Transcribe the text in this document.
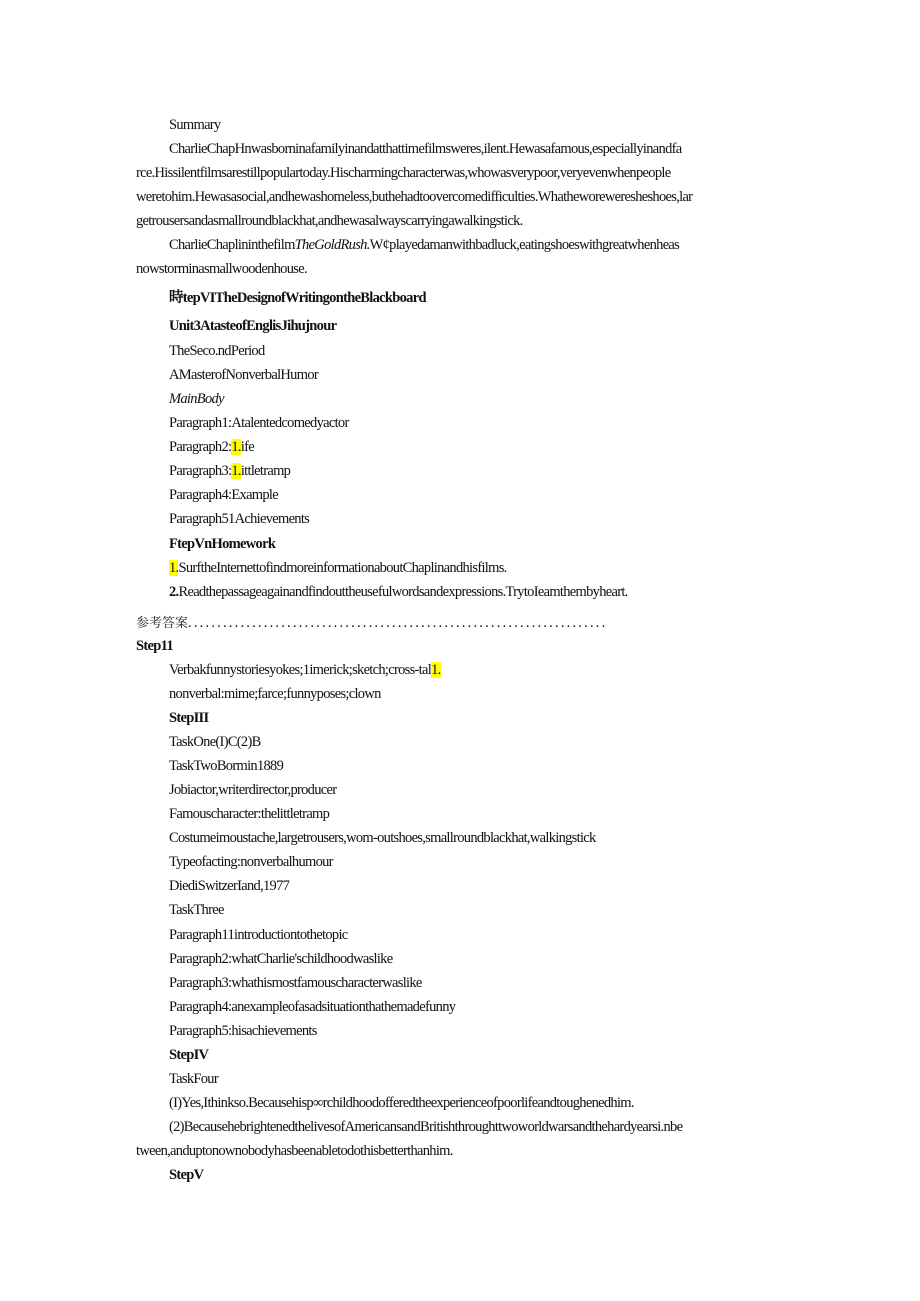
Summary
CharlieChapHnwasborninafamilyinandatthattimefilmsweres,ilent.Hewasafamous,especiallyinandfa
rce.Hissilentfilmsarestillpopulartoday.Hischarmingcharacterwas,whowasverypoor,veryevenwhenpeople
weretohim.Hewasasocial,andhewashomeless,buthehadtoovercomedifficulties.Whatheworeweresheshoes,lar
getrousersandasmallroundblackhat,andhewasalwayscarryingawalkingstick.
CharlieChaplininthefilmTheGoldRush.W¢playedamanwithbadluck,eatingshoeswithgreatwhenheas
nowstorminasmallwoodenhouse.
時tepVITheDesignofWritingontheBlackboard
Unit3AtasteofEnglisJihujnour
TheSeco.ndPeriod
AMasterofNonverbalHumor
MainBody
Paragraph1:Atalentedcomedyactor
Paragraph2:1.ife
Paragraph3:1.ittletramp
Paragraph4:Example
Paragraph51Achievements
FtepVnHomework
1.SurftheInternettofindmoreinformationaboutChaplinandhisfilms.
2.Readthepassageagainandfindouttheusefulwordsandexpressions.TrytoIeamthembyheart.
参考答案........................................................................
Step11
Verbakfunnystoriesyokes;1imerick;sketch;cross-tal1.
nonverbal:mime;farce;funnyposes;clown
StepIII
TaskOne(I)C(2)B
TaskTwoBormin1889
Jobiactor,writerdirector,producer
Famouscharacter:thelittletramp
Costumeimoustache,largetrousers,wom-outshoes,smallroundblackhat,walkingstick
Typeofacting:nonverbalhumour
DiediSwitzerIand,1977
TaskThree
Paragraph11introductiontothetopic
Paragraph2:whatCharlie'schildhoodwaslike
Paragraph3:whathismostfamouscharacterwaslike
Paragraph4:anexampleofasadsituationthathemadefunny
Paragraph5:hisachievements
StepIV
TaskFour
(I)Yes,Ithinkso.Becausehisp∞rchildhoodofferedtheexperienceofpoorlifeandtoughenedhim.
(2)BecausehebrightenedthelivesofAmericansandBritishthroughttwoworldwarsandthehardyearsi.nbe
tween,anduptonownobodyhasbeenabletodothisbetterthanhim.
StepV
